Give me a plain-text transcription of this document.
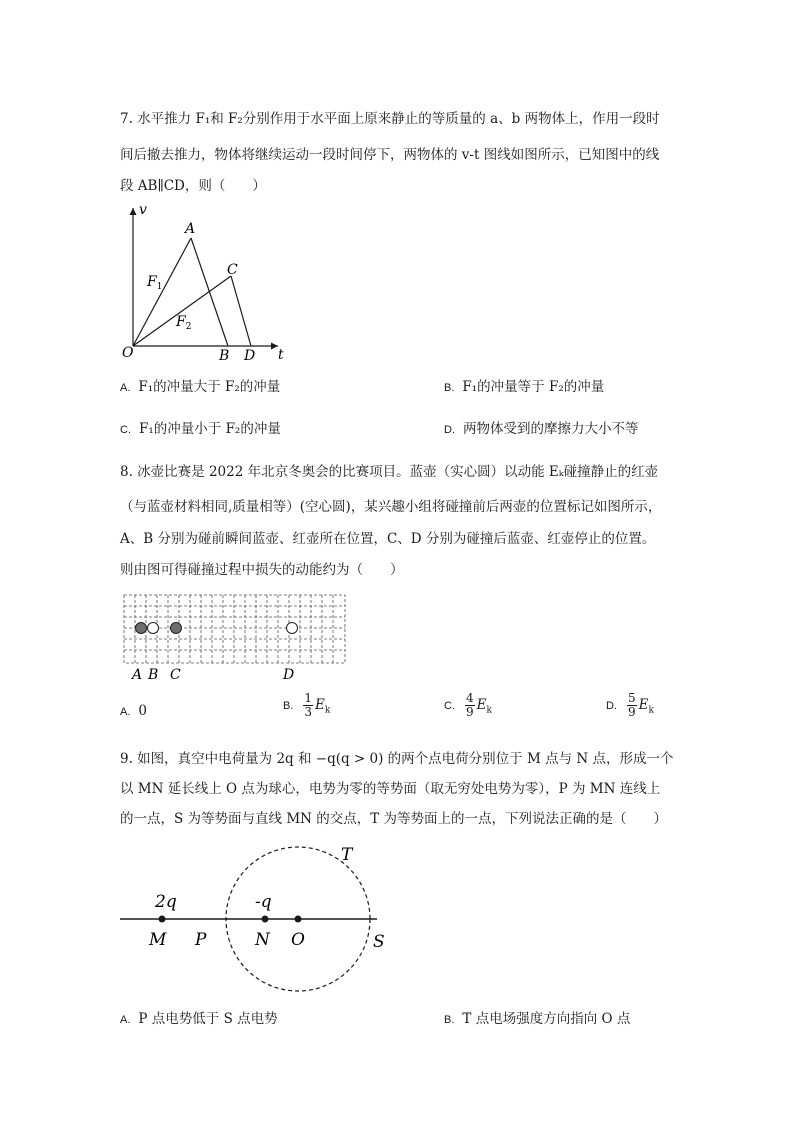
7. 水平推力 F₁和 F₂分别作用于水平面上原来静止的等质量的 a、b 两物体上，作用一段时
间后撤去推力，物体将继续运动一段时间停下，两物体的 v-t 图线如图所示，已知图中的线
段 AB∥CD，则（　　）
v
t
O
A
B
C
D
$F_1$
$F_2$
A. F₁的冲量大于 F₂的冲量	B. F₁的冲量等于 F₂的冲量
C. F₁的冲量小于 F₂的冲量	D. 两物体受到的摩擦力大小不等
8. 冰壶比赛是 2022 年北京冬奥会的比赛项目。蓝壶（实心圆）以动能 Eₖ碰撞静止的红壶
（与蓝壶材料相同,质量相等）(空心圆)，某兴趣小组将碰撞前后两壶的位置标记如图所示，
A、B 分别为碰前瞬间蓝壶、红壶所在位置，C、D 分别为碰撞后蓝壶、红壶停止的位置。
则由图可得碰撞过程中损失的动能约为（　　）
A B C	D
A. 0	B. $\frac{1}{3} E_k$	C. $\frac{4}{9} E_k$	D. $\frac{5}{9} E_k$
9. 如图，真空中电荷量为 2q 和 −q(q > 0) 的两个点电荷分别位于 M 点与 N 点，形成一个
以 MN 延长线上 O 点为球心，电势为零的等势面（取无穷处电势为零），P 为 MN 连线上
的一点，S 为等势面与直线 MN 的交点，T 为等势面上的一点，下列说法正确的是（　　）
2q	-q
M P	N O	S
T
A. P 点电势低于 S 点电势	B. T 点电场强度方向指向 O 点
